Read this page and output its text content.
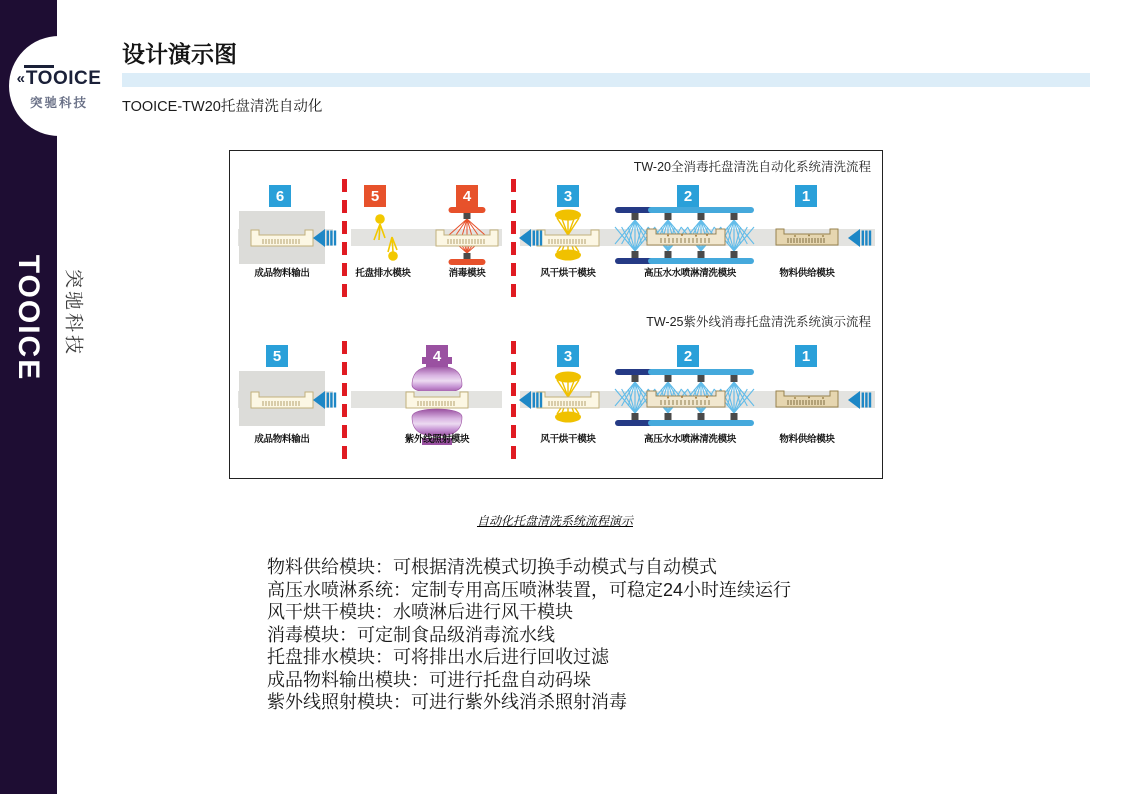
« TOOICE
突驰科技
TOOICE 突驰科技
设计演示图
TOOICE-TW20托盘清洗自动化
TW-20全消毒托盘清洗自动化系统清洗流程
6
成品物料输出
5
托盘排水模块
4
消毒模块
3
风干烘干模块
2
高压水水喷淋清洗模块
1
物料供给模块
TW-25紫外线消毒托盘清洗系统演示流程
5
成品物料输出
4
紫外线照射模块
3
风干烘干模块
2
高压水水喷淋清洗模块
1
物料供给模块
自动化托盘清洗系统流程演示
物料供给模块：可根据清洗模式切换手动模式与自动模式
高压水喷淋系统：定制专用高压喷淋装置，可稳定24小时连续运行
风干烘干模块：水喷淋后进行风干模块
消毒模块：可定制食品级消毒流水线
托盘排水模块：可将排出水后进行回收过滤
成品物料输出模块：可进行托盘自动码垛
紫外线照射模块：可进行紫外线消杀照射消毒
